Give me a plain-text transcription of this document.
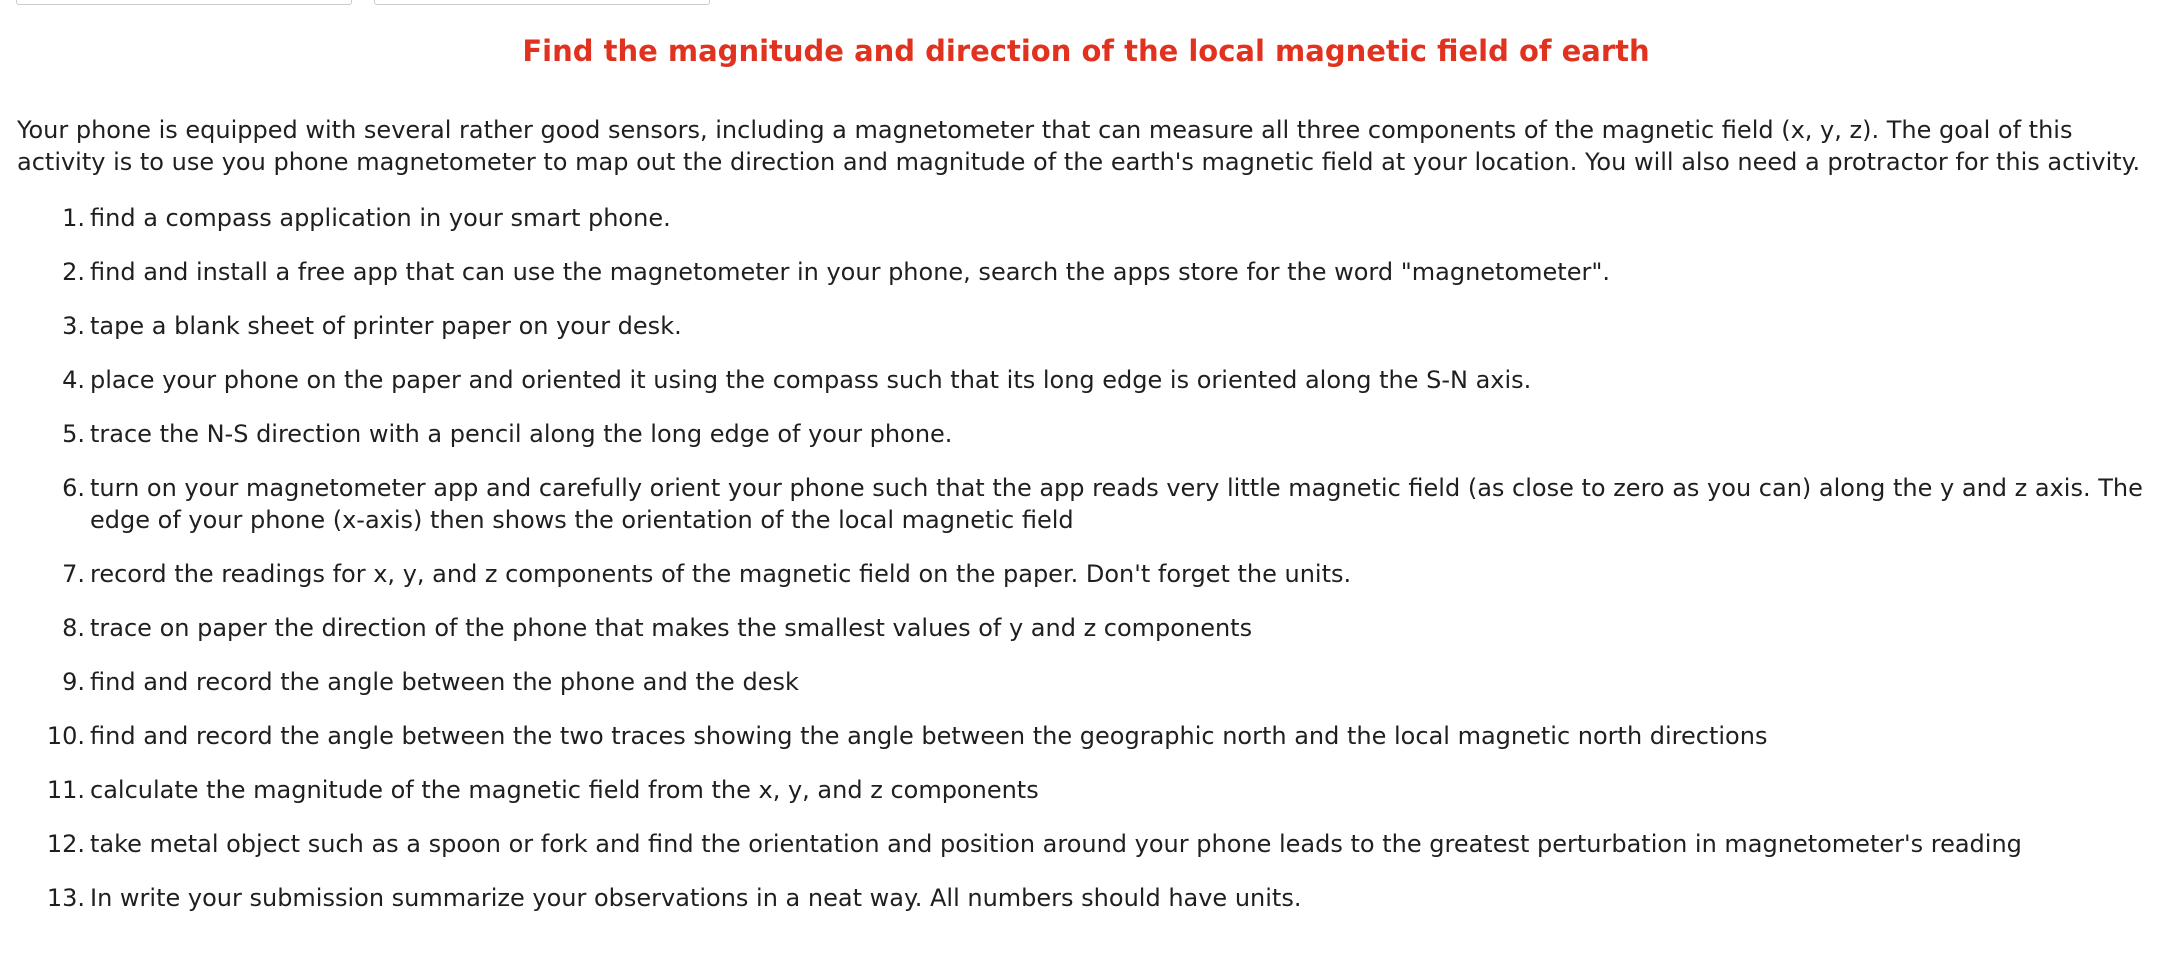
Find the magnitude and direction of the local magnetic field of earth

Your phone is equipped with several rather good sensors, including a magnetometer that can measure all three components of the magnetic field (x, y, z). The goal of this activity is to use you phone magnetometer to map out the direction and magnitude of the earth's magnetic field at your location. You will also need a protractor for this activity.

1. find a compass application in your smart phone.
2. find and install a free app that can use the magnetometer in your phone, search the apps store for the word "magnetometer".
3. tape a blank sheet of printer paper on your desk.
4. place your phone on the paper and oriented it using the compass such that its long edge is oriented along the S-N axis.
5. trace the N-S direction with a pencil along the long edge of your phone.
6. turn on your magnetometer app and carefully orient your phone such that the app reads very little magnetic field (as close to zero as you can) along the y and z axis. The edge of your phone (x-axis) then shows the orientation of the local magnetic field
7. record the readings for x, y, and z components of the magnetic field on the paper. Don't forget the units.
8. trace on paper the direction of the phone that makes the smallest values of y and z components
9. find and record the angle between the phone and the desk
10. find and record the angle between the two traces showing the angle between the geographic north and the local magnetic north directions
11. calculate the magnitude of the magnetic field from the x, y, and z components
12. take metal object such as a spoon or fork and find the orientation and position around your phone leads to the greatest perturbation in magnetometer's reading
13. In write your submission summarize your observations in a neat way. All numbers should have units.
